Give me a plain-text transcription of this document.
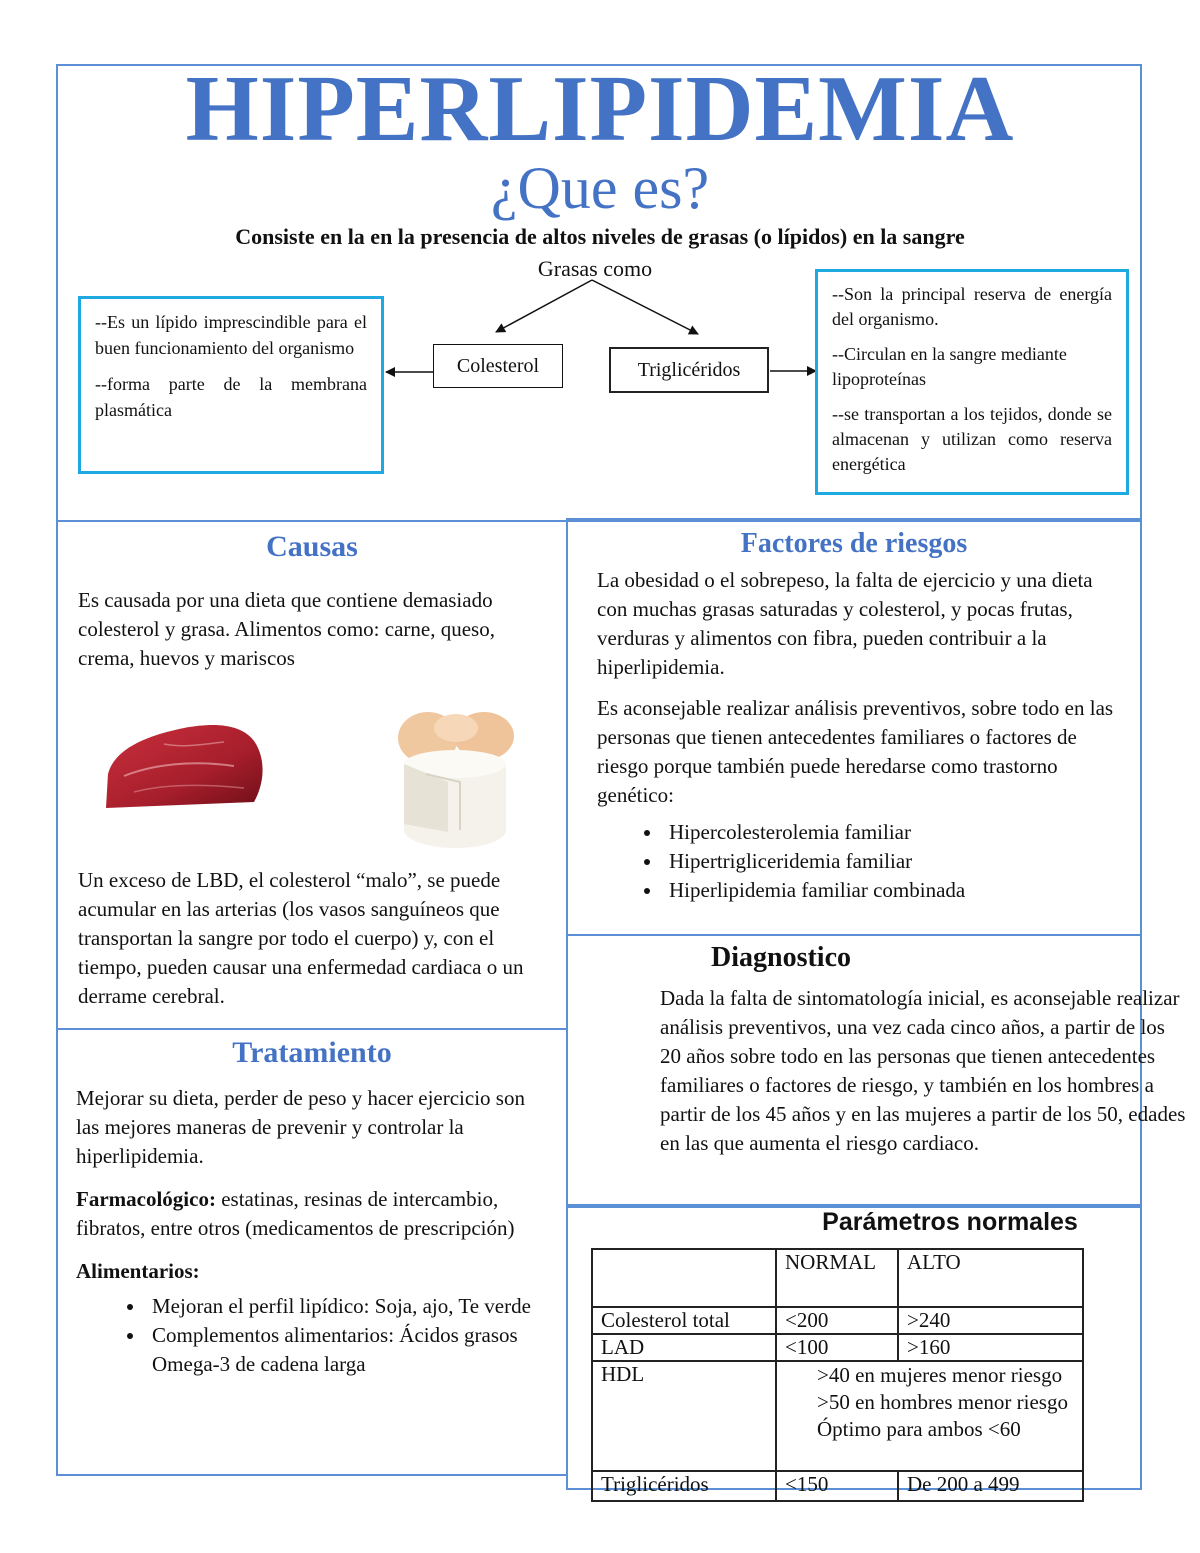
HIPERLIPIDEMIA
¿Que es?
Consiste en la en la presencia de altos niveles de grasas (o lípidos) en la sangre
Grasas como
Colesterol	Triglicéridos

--Es un lípido imprescindible para el buen funcionamiento del organismo

--forma parte de la membrana plasmática

--Son la principal reserva de energía del organismo.

--Circulan en la sangre mediante lipoproteínas

--se transportan a los tejidos, donde se almacenan y utilizan como reserva energética

Causas
Es causada por una dieta que contiene demasiado colesterol y grasa. Alimentos como: carne, queso, crema, huevos y mariscos
Un exceso de LBD, el colesterol “malo”, se puede acumular en las arterias (los vasos sanguíneos que transportan la sangre por todo el cuerpo) y, con el tiempo, pueden causar una enfermedad cardiaca o un derrame cerebral.
Factores de riesgos

La obesidad o el sobrepeso, la falta de ejercicio y una dieta con muchas grasas saturadas y colesterol, y pocas frutas, verduras y alimentos con fibra, pueden contribuir a la hiperlipidemia.

Es aconsejable realizar análisis preventivos, sobre todo en las personas que tienen antecedentes familiares o factores de riesgo porque también puede heredarse como trastorno genético:

• Hipercolesterolemia familiar
• Hipertrigliceridemia familiar
• Hiperlipidemia familiar combinada
Diagnostico
Dada la falta de sintomatología inicial, es aconsejable realizar análisis preventivos, una vez cada cinco años, a partir de los 20 años sobre todo en las personas que tienen antecedentes familiares o factores de riesgo, y también en los hombres a partir de los 45 años y en las mujeres a partir de los 50, edades en las que aumenta el riesgo cardiaco.
Tratamiento

Mejorar su dieta, perder de peso y hacer ejercicio son las mejores maneras de prevenir y controlar la hiperlipidemia.

Farmacológico: estatinas, resinas de intercambio, fibratos, entre otros (medicamentos de prescripción)

Alimentarios:

• Mejoran el perfil lipídico: Soja, ajo, Te verde
• Complementos alimentarios: Ácidos grasos Omega-3 de cadena larga
Parámetros normales
	NORMAL	ALTO
Colesterol total	<200	>240
LAD	<100	>160
HDL	>40 en mujeres menor riesgo
>50 en hombres menor riesgo
Óptimo para ambos <60	

Triglicéridos	<150	De 200 a 499
